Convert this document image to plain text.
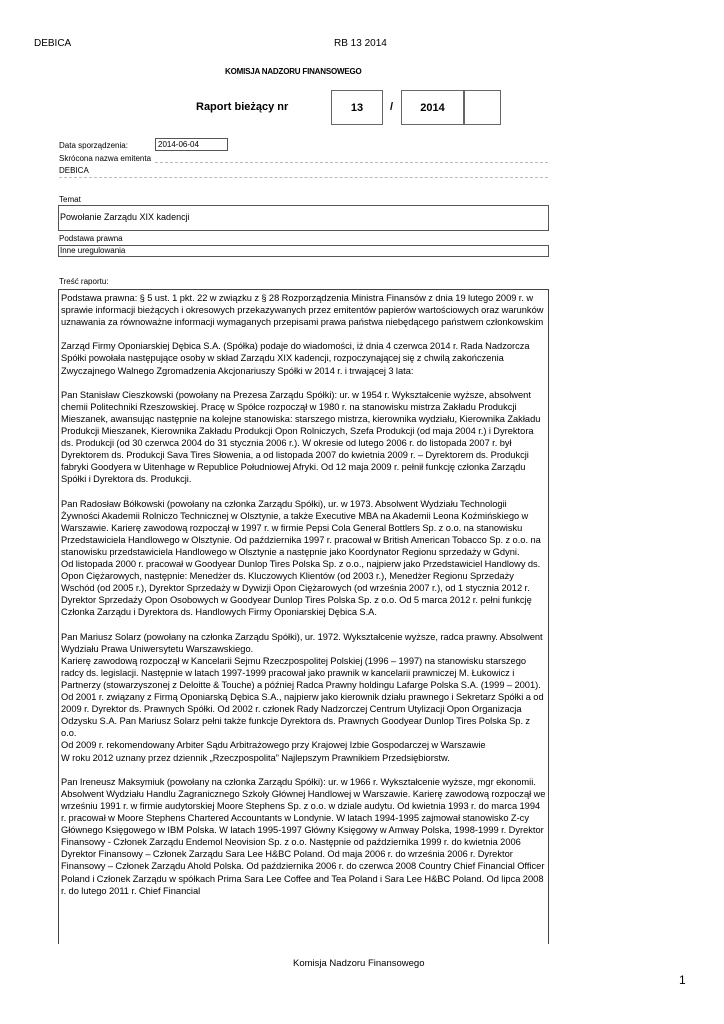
DEBICA	RB 13 2014
KOMISJA NADZORU FINANSOWEGO
Raport bieżący nr	13	/	2014
Data sporządzenia:	2014-06-04
Skrócona nazwa emitenta
DEBICA
Temat
Powołanie Zarządu XIX kadencji
Podstawa prawna
Inne uregulowania
Treść raportu:

Podstawa prawna: § 5 ust. 1 pkt. 22 w związku z § 28 Rozporządzenia Ministra Finansów z dnia 19 lutego 2009 r. w sprawie informacji bieżących i okresowych przekazywanych przez emitentów papierów wartościowych oraz warunków uznawania za równoważne informacji wymaganych przepisami prawa państwa niebędącego państwem członkowskim

Zarząd Firmy Oponiarskiej Dębica S.A. (Spółka) podaje do wiadomości, iż dnia 4 czerwca 2014 r. Rada Nadzorcza Spółki powołała następujące osoby w skład Zarządu XIX kadencji, rozpoczynającej się z chwilą zakończenia Zwyczajnego Walnego Zgromadzenia Akcjonariuszy Spółki w 2014 r. i trwającej 3 lata:

Pan Stanisław Cieszkowski (powołany na Prezesa Zarządu Spółki): ur. w 1954 r. Wykształcenie wyższe, absolwent chemii Politechniki Rzeszowskiej. Pracę w Spółce rozpoczął w 1980 r. na stanowisku mistrza Zakładu Produkcji Mieszanek, awansując następnie na kolejne stanowiska: starszego mistrza, kierownika wydziału, Kierownika Zakładu Produkcji Mieszanek, Kierownika Zakładu Produkcji Opon Rolniczych, Szefa Produkcji (od maja 2004 r.) i Dyrektora ds. Produkcji (od 30 czerwca 2004 do 31 stycznia 2006 r.). W okresie od lutego 2006 r. do listopada 2007 r. był Dyrektorem ds. Produkcji Sava Tires Słowenia, a od listopada 2007 do kwietnia 2009 r. – Dyrektorem ds. Produkcji fabryki Goodyera w Uitenhage w Republice Południowej Afryki. Od 12 maja 2009 r. pełnił funkcję członka Zarządu Spółki i Dyrektora ds. Produkcji.

Pan Radosław Bółkowski (powołany na członka Zarządu Spółki), ur. w 1973. Absolwent Wydziału Technologii Żywności Akademii Rolniczo Technicznej w Olsztynie, a także Executive MBA na Akademii Leona Koźmińskiego w Warszawie. Karierę zawodową rozpoczął w 1997 r. w firmie Pepsi Cola General Bottlers Sp. z o.o. na stanowisku Przedstawiciela Handlowego w Olsztynie. Od października 1997 r. pracował w British American Tobacco Sp. z o.o. na stanowisku przedstawiciela Handlowego w Olsztynie a następnie jako Koordynator Regionu sprzedaży w Gdyni.
Od listopada 2000 r. pracował w Goodyear Dunlop Tires Polska Sp. z o.o., najpierw jako Przedstawiciel Handlowy ds. Opon Ciężarowych, następnie: Menedżer ds. Kluczowych Klientów (od 2003 r.), Menedżer Regionu Sprzedaży Wschód (od 2005 r.), Dyrektor Sprzedaży w Dywizji Opon Ciężarowych (od września 2007 r.), od 1 stycznia 2012 r. Dyrektor Sprzedaży Opon Osobowych w Goodyear Dunlop Tires Polska Sp. z o.o. Od 5 marca 2012 r. pełni funkcję Członka Zarządu i Dyrektora ds. Handlowych Firmy Oponiarskiej Dębica S.A.

Pan Mariusz Solarz (powołany na członka Zarządu Spółki), ur. 1972. Wykształcenie wyższe, radca prawny. Absolwent Wydziału Prawa Uniwersytetu Warszawskiego.
Karierę zawodową rozpoczął w Kancelarii Sejmu Rzeczpospolitej Polskiej (1996 – 1997) na stanowisku starszego radcy ds. legislacji. Następnie w latach 1997-1999 pracował jako prawnik w kancelarii prawniczej M. Łukowicz i Partnerzy (stowarzyszonej z Deloitte & Touche) a później Radca Prawny holdingu Lafarge Polska S.A. (1999 – 2001). Od 2001 r. związany z Firmą Oponiarską Dębica S.A., najpierw jako kierownik działu prawnego i Sekretarz Spółki a od 2009 r. Dyrektor ds. Prawnych Spółki. Od 2002 r. członek Rady Nadzorczej Centrum Utylizacji Opon Organizacja Odzysku S.A. Pan Mariusz Solarz pełni także funkcje Dyrektora ds. Prawnych Goodyear Dunlop Tires Polska Sp. z o.o.
Od 2009 r. rekomendowany Arbiter Sądu Arbitrażowego przy Krajowej Izbie Gospodarczej w Warszawie
W roku 2012 uznany przez dziennik „Rzeczpospolita” Najlepszym Prawnikiem Przedsiębiorstw.

Pan Ireneusz Maksymiuk (powołany na członka Zarządu Spółki): ur. w 1966 r. Wykształcenie wyższe, mgr ekonomii. Absolwent Wydziału Handlu Zagranicznego Szkoły Głównej Handlowej w Warszawie. Karierę zawodową rozpoczął we wrześniu 1991 r. w firmie audytorskiej Moore Stephens Sp. z o.o. w dziale audytu. Od kwietnia 1993 r. do marca 1994 r. pracował w Moore Stephens Chartered Accountants w Londynie. W latach 1994-1995 zajmował stanowisko Z-cy Głównego Księgowego w IBM Polska. W latach 1995-1997 Główny Księgowy w Amway Polska, 1998-1999 r. Dyrektor Finansowy - Członek Zarządu Endemol Neovision Sp. z o.o. Następnie od października 1999 r. do kwietnia 2006 Dyrektor Finansowy – Członek Zarządu Sara Lee H&BC Poland. Od maja 2006 r. do września 2006 r. Dyrektor Finansowy – Członek Zarządu Ahold Polska. Od października 2006 r. do czerwca 2008 Country Chief Financial Officer Poland i Członek Zarządu w spółkach Prima Sara Lee Coffee and Tea Poland i Sara Lee H&BC Poland. Od lipca 2008 r. do lutego 2011 r. Chief Financial

Komisja Nadzoru Finansowego
1
